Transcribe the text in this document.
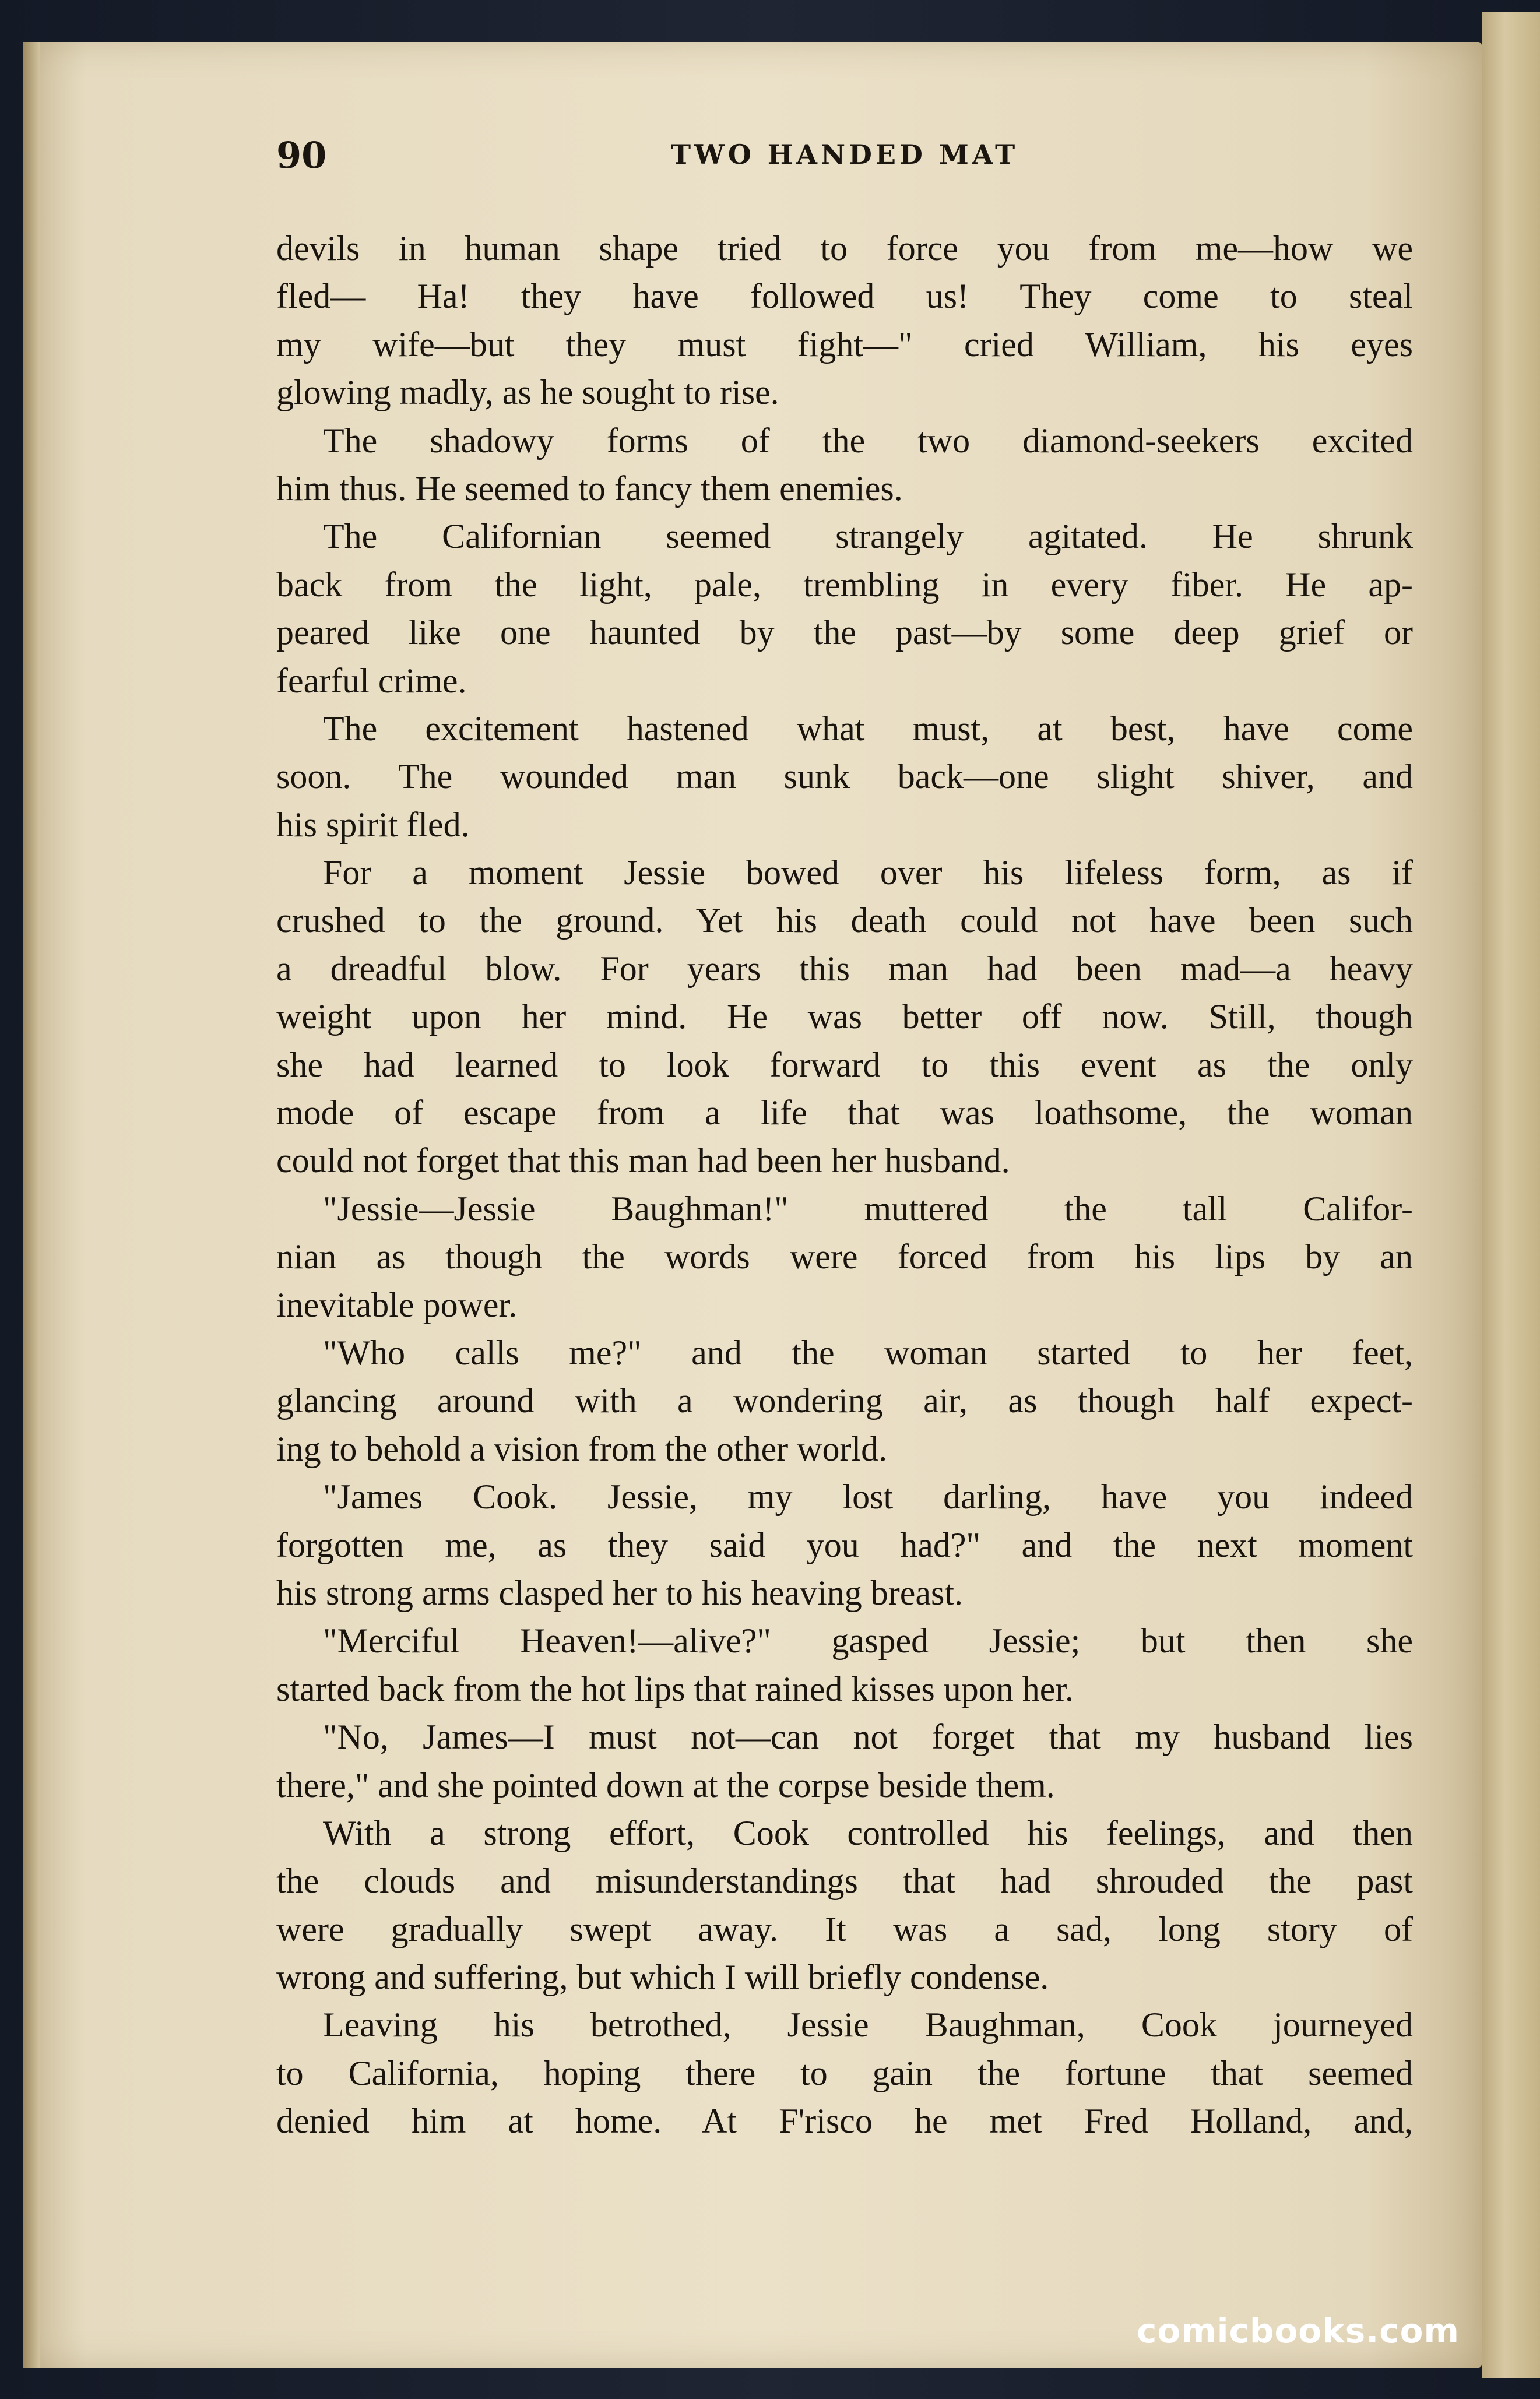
90	TWO HANDED MAT
devils in human shape tried to force you from me—how we
fled— Ha! they have followed us! They come to steal
my wife—but they must fight—" cried William, his eyes
glowing madly, as he sought to rise.
The shadowy forms of the two diamond-seekers excited
him thus. He seemed to fancy them enemies.
The Californian seemed strangely agitated. He shrunk
back from the light, pale, trembling in every fiber. He ap-
peared like one haunted by the past—by some deep grief or
fearful crime.
The excitement hastened what must, at best, have come
soon. The wounded man sunk back—one slight shiver, and
his spirit fled.
For a moment Jessie bowed over his lifeless form, as if
crushed to the ground. Yet his death could not have been such
a dreadful blow. For years this man had been mad—a heavy
weight upon her mind. He was better off now. Still, though
she had learned to look forward to this event as the only
mode of escape from a life that was loathsome, the woman
could not forget that this man had been her husband.
"Jessie—Jessie Baughman!" muttered the tall Califor-
nian as though the words were forced from his lips by an
inevitable power.
"Who calls me?" and the woman started to her feet,
glancing around with a wondering air, as though half expect-
ing to behold a vision from the other world.
"James Cook. Jessie, my lost darling, have you indeed
forgotten me, as they said you had?" and the next moment
his strong arms clasped her to his heaving breast.
"Merciful Heaven!—alive?" gasped Jessie; but then she
started back from the hot lips that rained kisses upon her.
"No, James—I must not—can not forget that my husband lies
there," and she pointed down at the corpse beside them.
With a strong effort, Cook controlled his feelings, and then
the clouds and misunderstandings that had shrouded the past
were gradually swept away. It was a sad, long story of
wrong and suffering, but which I will briefly condense.
Leaving his betrothed, Jessie Baughman, Cook journeyed
to California, hoping there to gain the fortune that seemed
denied him at home. At F'risco he met Fred Holland, and,
comicbooks.com
